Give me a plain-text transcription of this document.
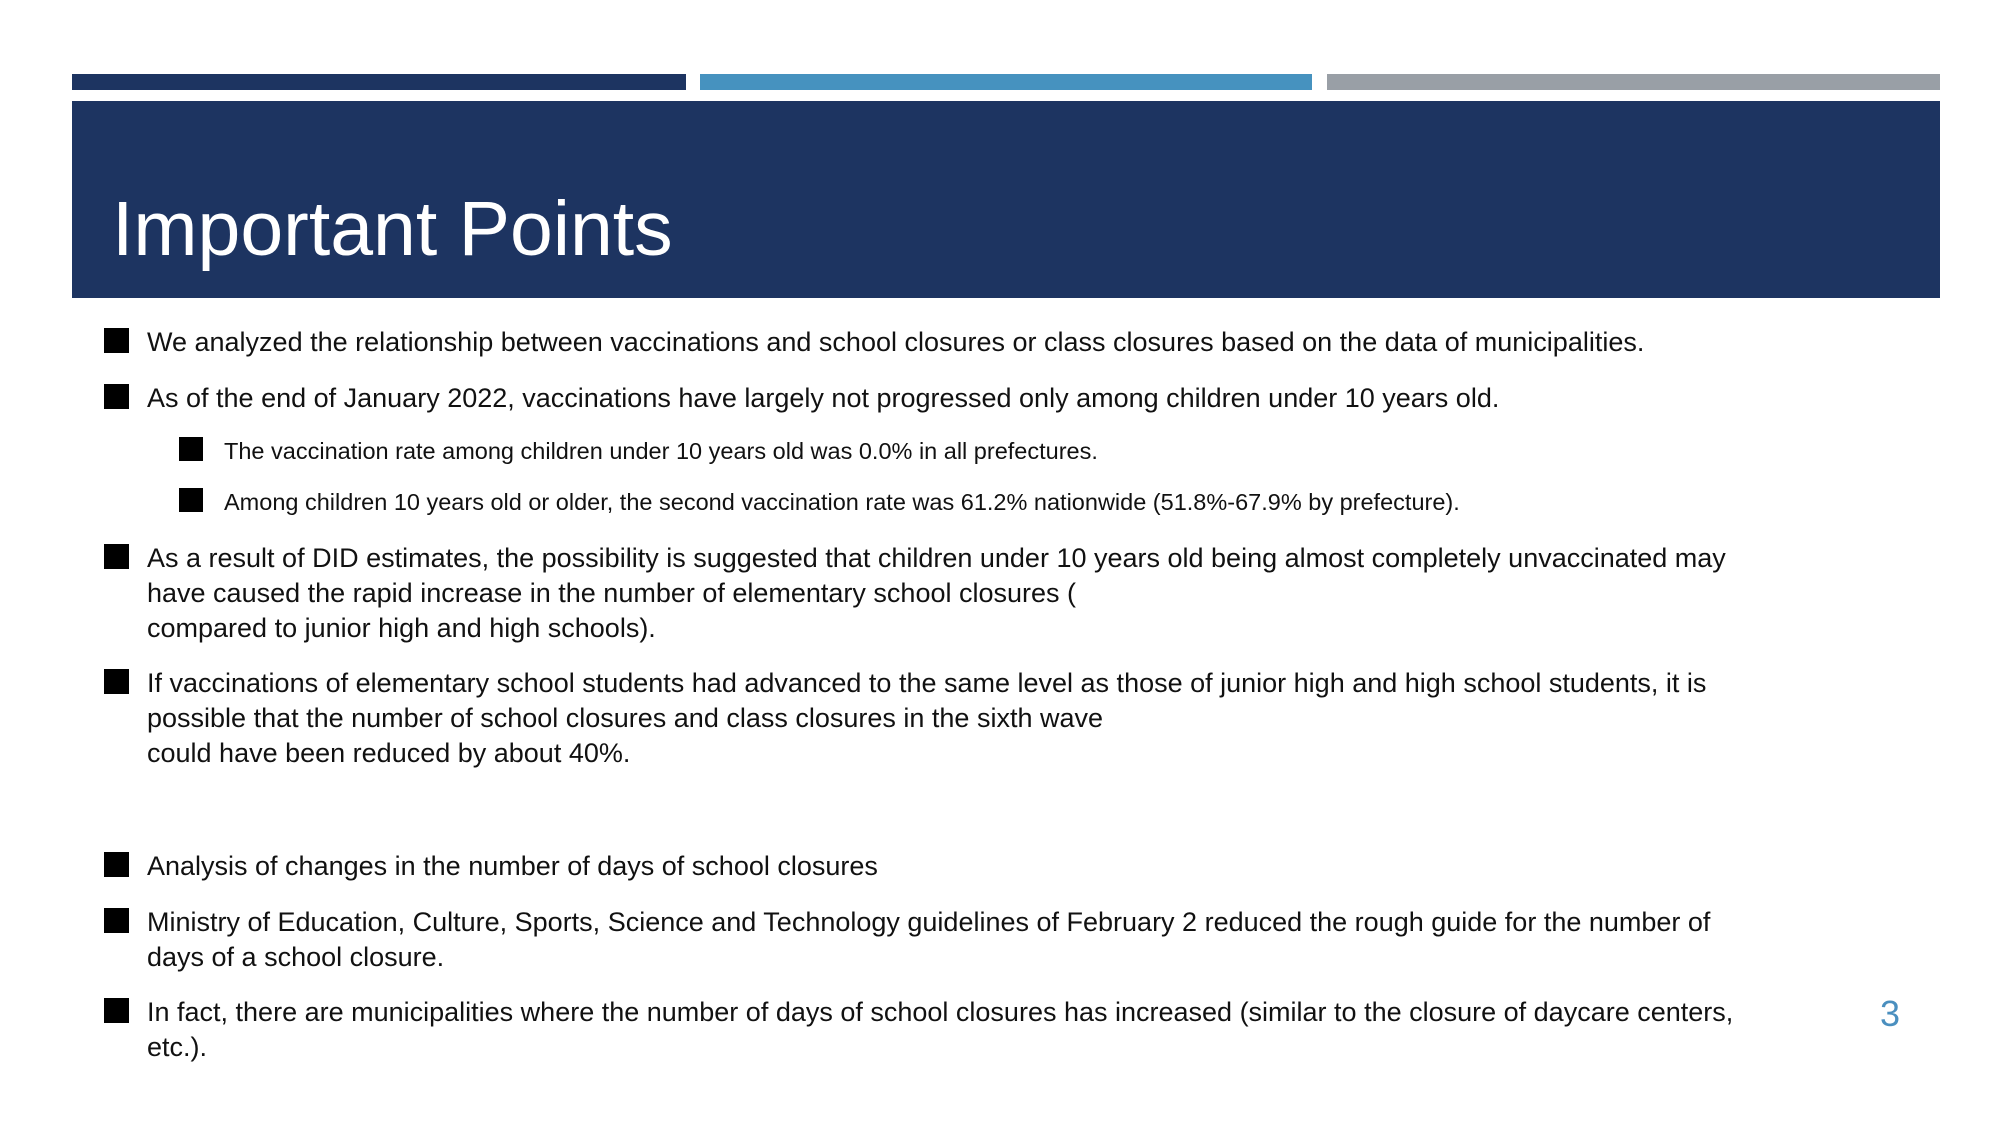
Important Points
We analyzed the relationship between vaccinations and school closures or class closures based on the data of municipalities.
As of the end of January 2022, vaccinations have largely not progressed only among children under 10 years old.
The vaccination rate among children under 10 years old was 0.0% in all prefectures.
Among children 10 years old or older, the second vaccination rate was 61.2% nationwide (51.8%-67.9% by prefecture).
As a result of DID estimates, the possibility is suggested that children under 10 years old being almost completely unvaccinated may
have caused the rapid increase in the number of elementary school closures (
compared to junior high and high schools).
If vaccinations of elementary school students had advanced to the same level as those of junior high and high school students, it is
possible that the number of school closures and class closures in the sixth wave
could have been reduced by about 40%.
Analysis of changes in the number of days of school closures
Ministry of Education, Culture, Sports, Science and Technology guidelines of February 2 reduced the rough guide for the number of
days of a school closure.
In fact, there are municipalities where the number of days of school closures has increased (similar to the closure of daycare centers,
etc.).
3
